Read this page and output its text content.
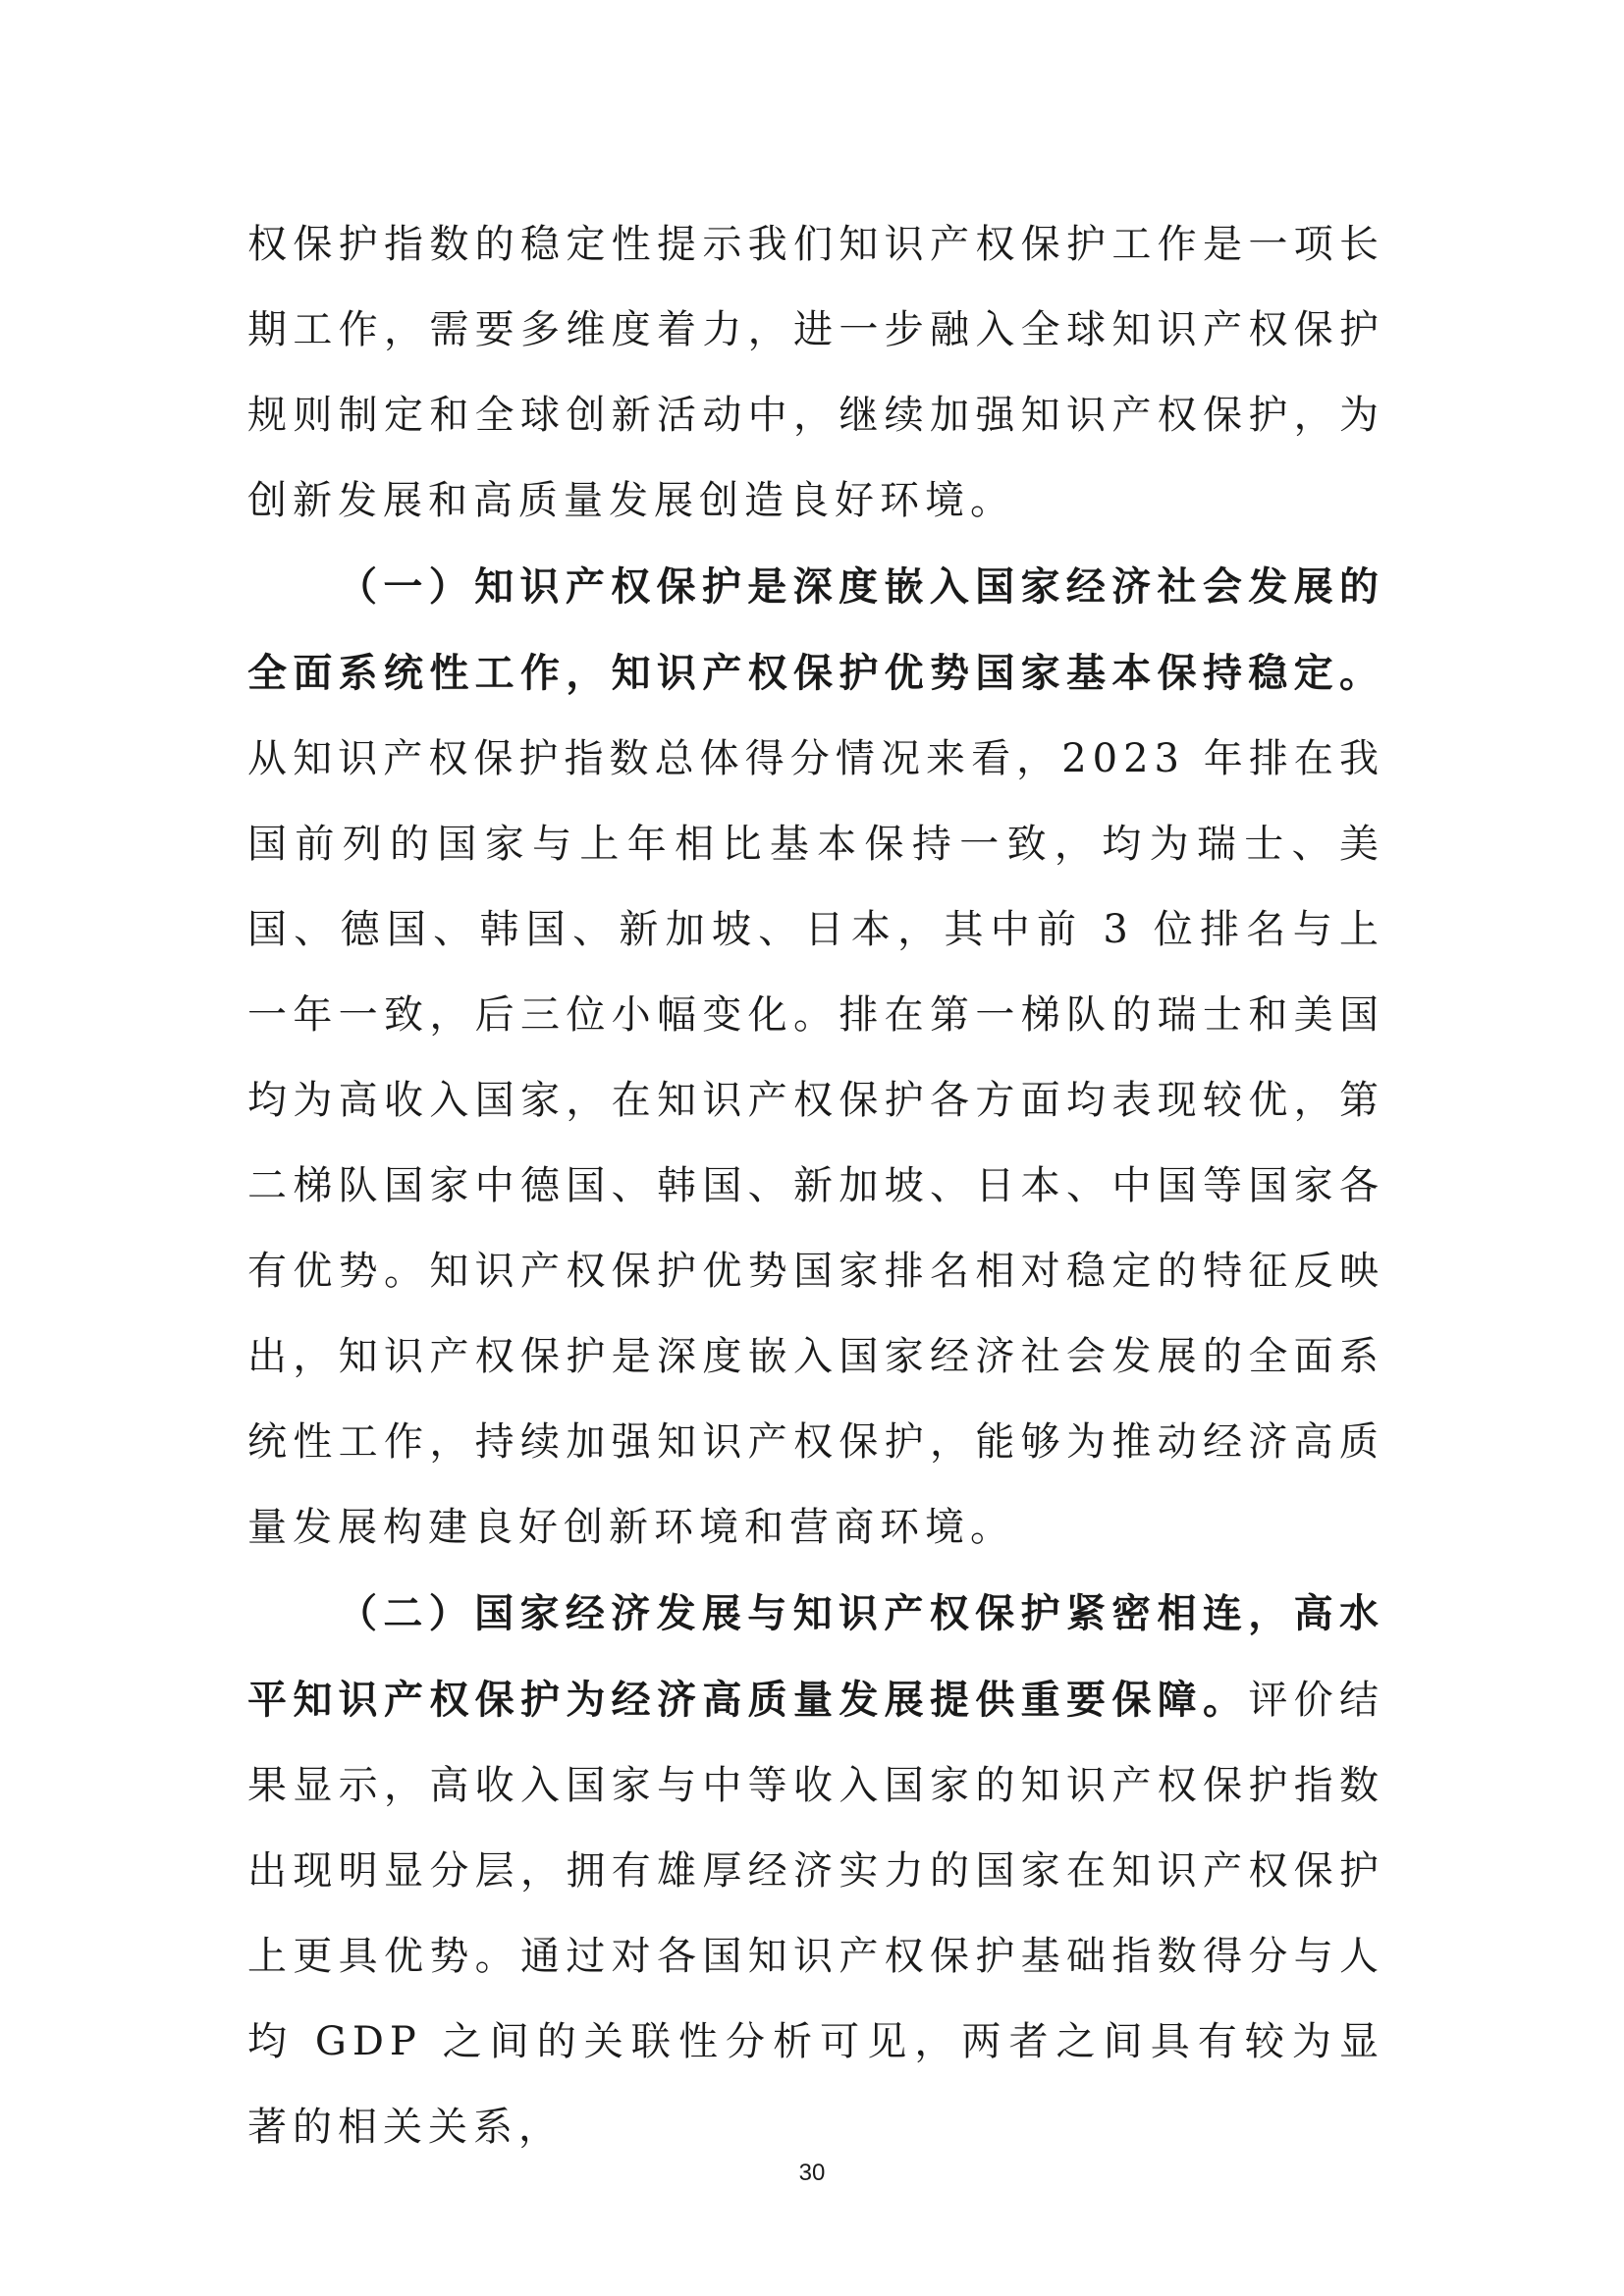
权保护指数的稳定性提示我们知识产权保护工作是一项长期工作，需要多维度着力，进一步融入全球知识产权保护规则制定和全球创新活动中，继续加强知识产权保护，为创新发展和高质量发展创造良好环境。

（一）知识产权保护是深度嵌入国家经济社会发展的全面系统性工作，知识产权保护优势国家基本保持稳定。从知识产权保护指数总体得分情况来看，2023 年排在我国前列的国家与上年相比基本保持一致，均为瑞士、美国、德国、韩国、新加坡、日本，其中前 3 位排名与上一年一致，后三位小幅变化。排在第一梯队的瑞士和美国均为高收入国家，在知识产权保护各方面均表现较优，第二梯队国家中德国、韩国、新加坡、日本、中国等国家各有优势。知识产权保护优势国家排名相对稳定的特征反映出，知识产权保护是深度嵌入国家经济社会发展的全面系统性工作，持续加强知识产权保护，能够为推动经济高质量发展构建良好创新环境和营商环境。

（二）国家经济发展与知识产权保护紧密相连，高水平知识产权保护为经济高质量发展提供重要保障。评价结果显示，高收入国家与中等收入国家的知识产权保护指数出现明显分层，拥有雄厚经济实力的国家在知识产权保护上更具优势。通过对各国知识产权保护基础指数得分与人均 GDP 之间的关联性分析可见，两者之间具有较为显著的相关关系，

30
